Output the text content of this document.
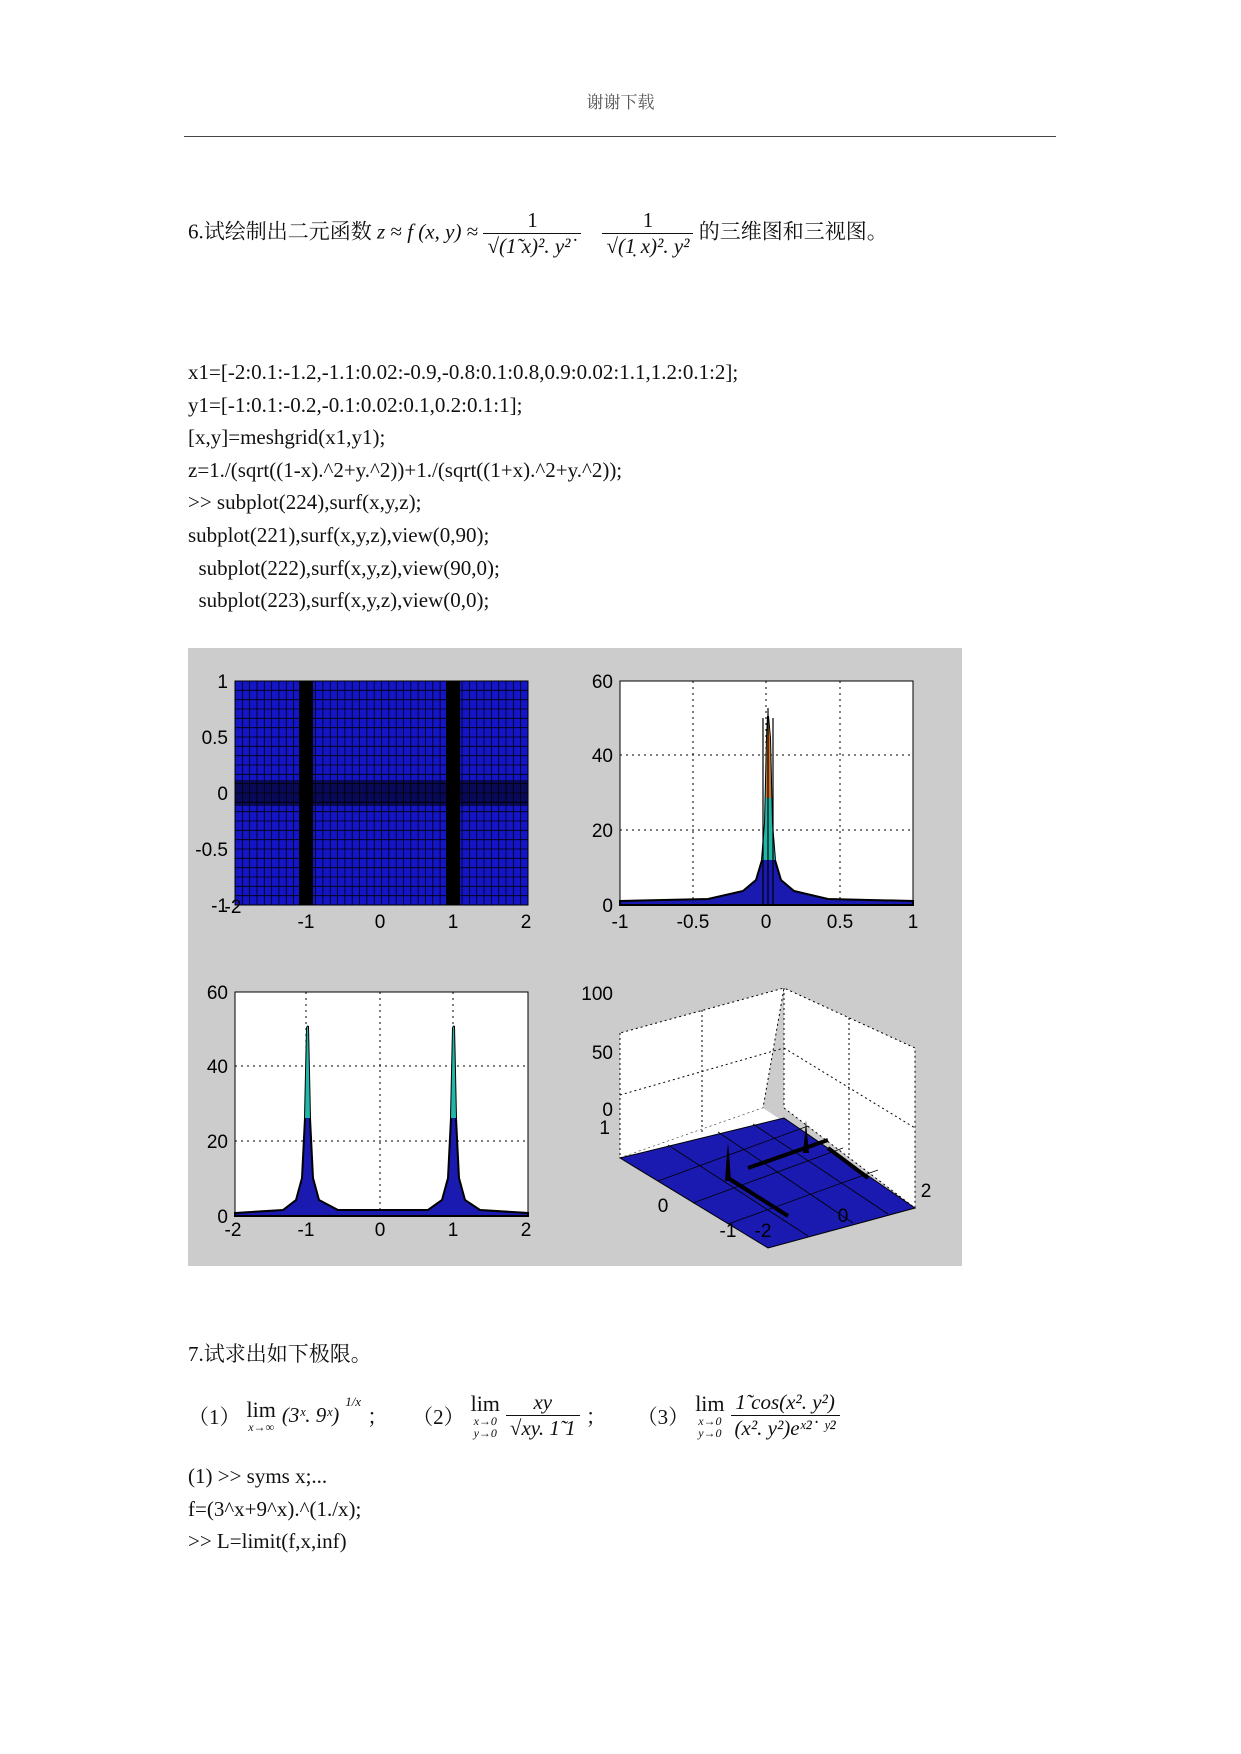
谢谢下载
6.试绘制出二元函数 z ≈ f (x, $y) \approx \frac{1}{\text{√(1̃ x)². y²˙}}$
$\frac{1}{\text{√(1̣ x)². y²}}$ 的三维图和三视图。
x1=[-2:0.1:-1.2,-1.1:0.02:-0.9,-0.8:0.1:0.8,0.9:0.02:1.1,1.2:0.1:2];
y1=[-1:0.1:-0.2,-0.1:0.02:0.1,0.2:0.1:1];
[x,y]=meshgrid(x1,y1);
z=1./(sqrt((1-x).^2+y.^2))+1./(sqrt((1+x).^2+y.^2));
>> subplot(224),surf(x,y,z);
subplot(221),surf(x,y,z),view(0,90);
subplot(222),surf(x,y,z),view(90,0);
subplot(223),surf(x,y,z),view(0,0);
-2
-1	0	1	2
1
0.5
0
-0.5
-1
-1	-0.5	0	0.5	1
60
40
20
0
-2	-1	0	1	2
60
40
20
0
100
50
0
1
0
-1 -2
0
2
7.试求出如下极限。
（1） lim
x→∞ (3ˣ. 9ˣ)
$^{1/x}$
； （2）
lim
x→0
$y\to 0 \frac{xy}{√xy. 1̃ 1}$ ； （3）
lim
x→0
$y\to 0 \frac{\text{1̃ cos(x². y²)}}{\text{(x². y²)eˣ²˙ ʸ²}}$
(1) >> syms x;...
f=(3^x+9^x).^(1./x);
>> L=limit(f,x,inf)
